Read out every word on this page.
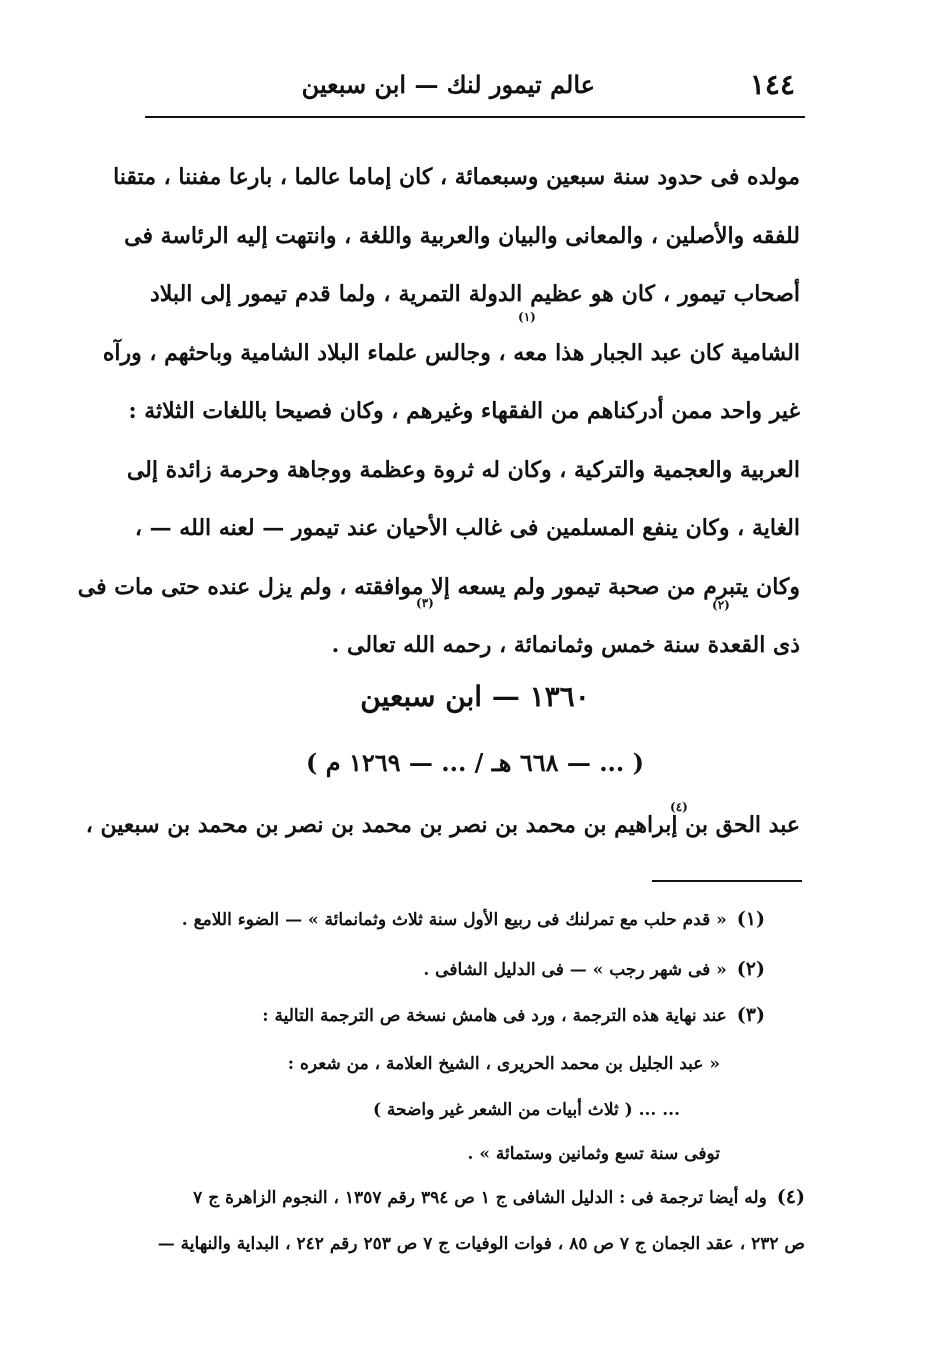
١٤٤
عالم تيمور لنك — ابن سبعين
مولده فى حدود سنة سبعين وسبعمائة ، كان إماما عالما ، بارعا مفننا ، متقنا
للفقه والأصلين ، والمعانى والبيان والعربية واللغة ، وانتهت إليه الرئاسة فى
أصحاب تيمور ، كان هو عظيم الدولة التمرية ، ولما قدم تيمور إلى البلاد
الشامية كان عبد الجبار هذا معه ، وجالس علماء البلاد الشامية وباحثهم ، ورآه
غير واحد ممن أدركناهم من الفقهاء وغيرهم ، وكان فصيحا باللغات الثلاثة :
العربية والعجمية والتركية ، وكان له ثروة وعظمة ووجاهة وحرمة زائدة إلى
الغاية ، وكان ينفع المسلمين فى غالب الأحيان عند تيمور — لعنه الله — ،
وكان يتبرم من صحبة تيمور ولم يسعه إلا موافقته ، ولم يزل عنده حتى مات فى
ذى القعدة سنة خمس وثمانمائة ، رحمه الله تعالى .
(١)
(٢)
(٣)
١٣٦٠ — ابن سبعين
( ... — ٦٦٨ هـ / ... — ١٢٦٩ م )
عبد الحق بن إبراهيم بن محمد بن نصر بن محمد بن نصر بن محمد بن سبعين ،
(٤)
(١)« قدم حلب مع تمرلنك فى ربيع الأول سنة ثلاث وثمانمائة » — الضوء اللامع .
(٢)« فى شهر رجب » — فى الدليل الشافى .
(٣)عند نهاية هذه الترجمة ، ورد فى هامش نسخة ص الترجمة التالية :
« عبد الجليل بن محمد الحريرى ، الشيخ العلامة ، من شعره :
... ... ( ثلاث أبيات من الشعر غير واضحة )
توفى سنة تسع وثمانين وستمائة » .
(٤)وله أيضا ترجمة فى : الدليل الشافى ج ١ ص ٣٩٤ رقم ١٣٥٧ ، النجوم الزاهرة ج ٧
ص ٢٣٢ ، عقد الجمان ج ٧ ص ٨٥ ، فوات الوفيات ج ٧ ص ٢٥٣ رقم ٢٤٢ ، البداية والنهاية —
